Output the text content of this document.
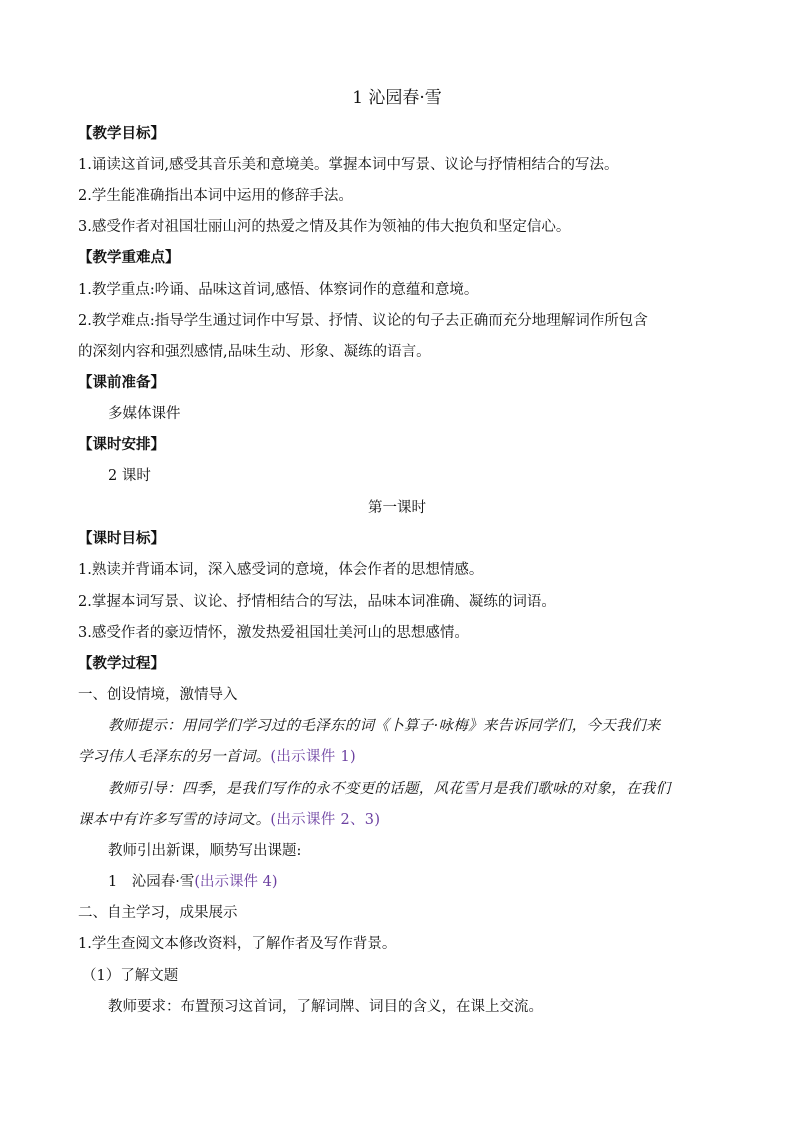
1 沁园春·雪
【教学目标】
1.诵读这首词,感受其音乐美和意境美。掌握本词中写景、议论与抒情相结合的写法。
2.学生能准确指出本词中运用的修辞手法。
3.感受作者对祖国壮丽山河的热爱之情及其作为领袖的伟大抱负和坚定信心。
【教学重难点】
1.教学重点:吟诵、品味这首词,感悟、体察词作的意蕴和意境。
2.教学难点:指导学生通过词作中写景、抒情、议论的句子去正确而充分地理解词作所包含
的深刻内容和强烈感情,品味生动、形象、凝练的语言。
【课前准备】
多媒体课件
【课时安排】
2 课时
第一课时
【课时目标】
1.熟读并背诵本词，深入感受词的意境，体会作者的思想情感。
2.掌握本词写景、议论、抒情相结合的写法，品味本词准确、凝练的词语。
3.感受作者的豪迈情怀，激发热爱祖国壮美河山的思想感情。
【教学过程】
一、创设情境，激情导入
教师提示：用同学们学习过的毛泽东的词《卜算子·咏梅》来告诉同学们，今天我们来
学习伟人毛泽东的另一首词。(出示课件 1)
教师引导：四季，是我们写作的永不变更的话题，风花雪月是我们歌咏的对象，在我们
课本中有许多写雪的诗词文。(出示课件 2、3)
教师引出新课，顺势写出课题:
1　沁园春·雪(出示课件 4)
二、自主学习，成果展示
1.学生查阅文本修改资料，了解作者及写作背景。
（1）了解文题
教师要求：布置预习这首词，了解词牌、词目的含义，在课上交流。
